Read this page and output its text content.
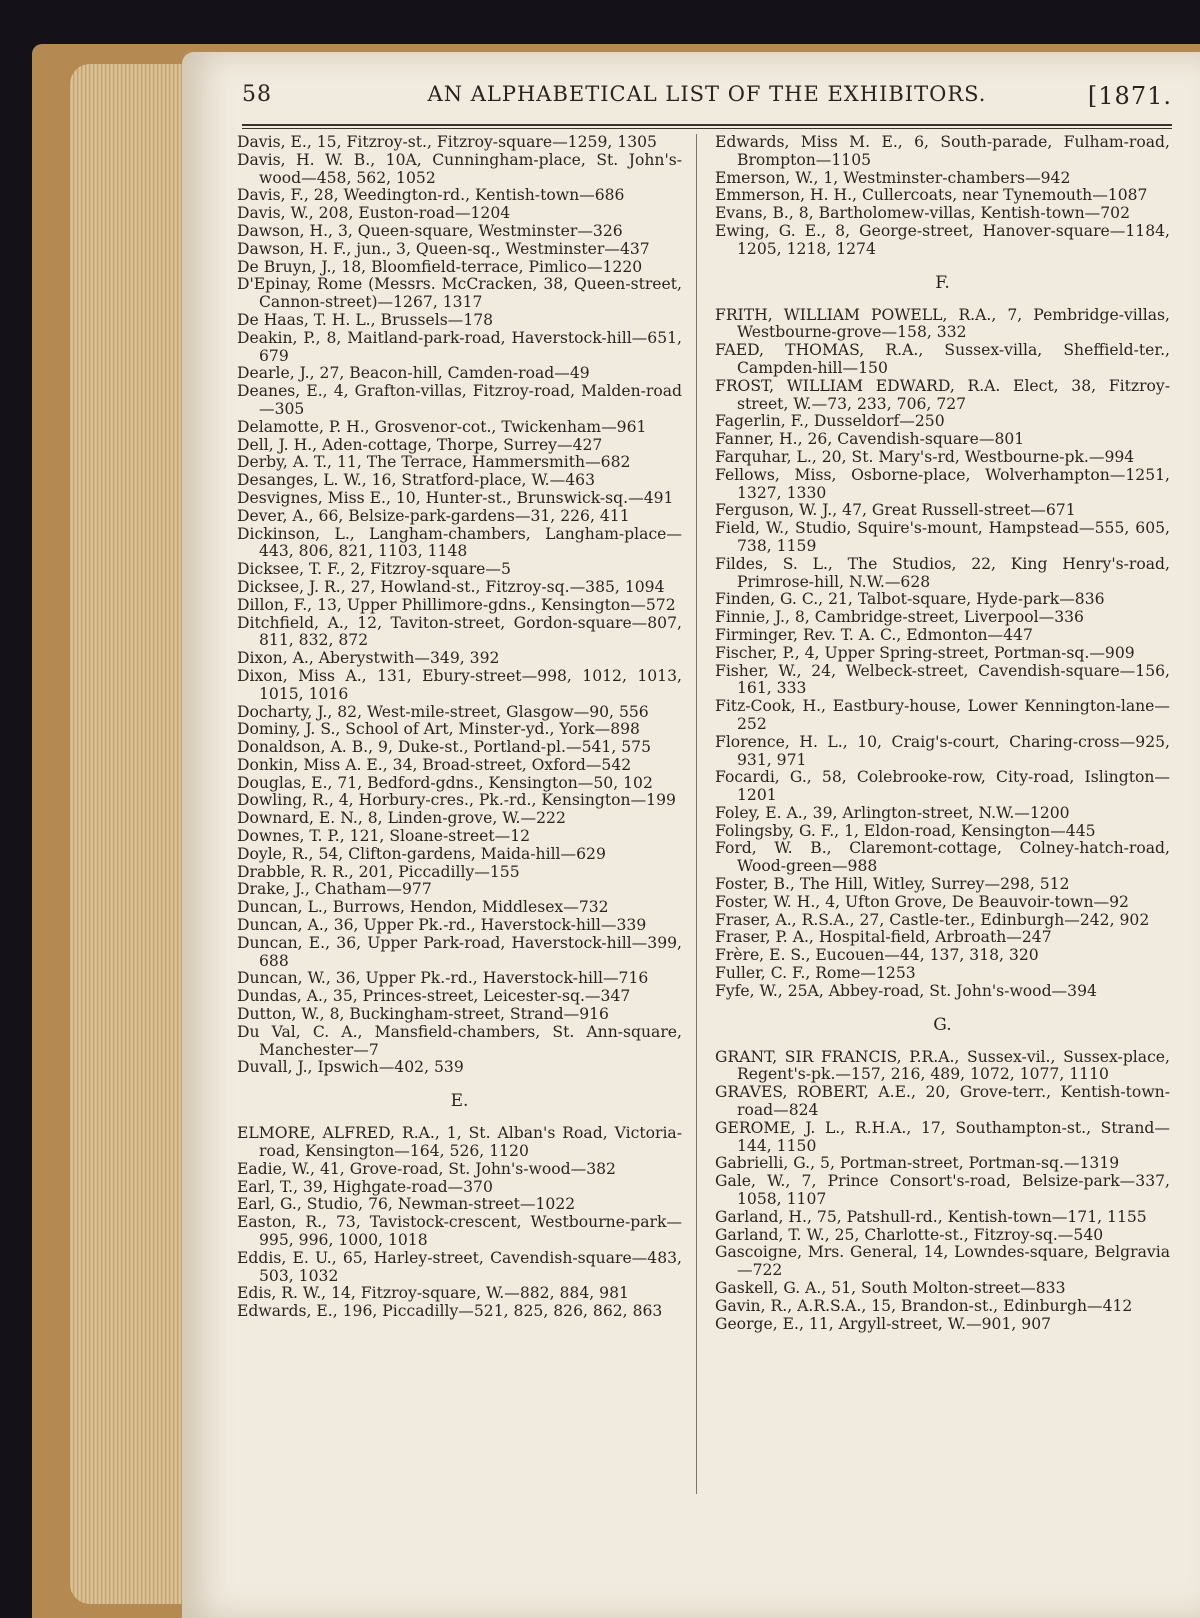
58	AN ALPHABETICAL LIST OF THE EXHIBITORS.	[1871.
Davis, E., 15, Fitzroy-st., Fitzroy-square—1259, 1305
Davis, H. W. B., 10A, Cunningham-place, St. John's-wood—458, 562, 1052
Davis, F., 28, Weedington-rd., Kentish-town—686
Davis, W., 208, Euston-road—1204
Dawson, H., 3, Queen-square, Westminster—326
Dawson, H. F., jun., 3, Queen-sq., Westminster—437
De Bruyn, J., 18, Bloomfield-terrace, Pimlico—1220
D'Epinay, Rome (Messrs. McCracken, 38, Queen-street, Cannon-street)—1267, 1317
De Haas, T. H. L., Brussels—178
Deakin, P., 8, Maitland-park-road, Haverstock-hill—651, 679
Dearle, J., 27, Beacon-hill, Camden-road—49
Deanes, E., 4, Grafton-villas, Fitzroy-road, Malden-road—305
Delamotte, P. H., Grosvenor-cot., Twickenham—961
Dell, J. H., Aden-cottage, Thorpe, Surrey—427
Derby, A. T., 11, The Terrace, Hammersmith—682
Desanges, L. W., 16, Stratford-place, W.—463
Desvignes, Miss E., 10, Hunter-st., Brunswick-sq.—491
Dever, A., 66, Belsize-park-gardens—31, 226, 411
Dickinson, L., Langham-chambers, Langham-place—443, 806, 821, 1103, 1148
Dicksee, T. F., 2, Fitzroy-square—5
Dicksee, J. R., 27, Howland-st., Fitzroy-sq.—385, 1094
Dillon, F., 13, Upper Phillimore-gdns., Kensington—572
Ditchfield, A., 12, Taviton-street, Gordon-square—807, 811, 832, 872
Dixon, A., Aberystwith—349, 392
Dixon, Miss A., 131, Ebury-street—998, 1012, 1013, 1015, 1016
Docharty, J., 82, West-mile-street, Glasgow—90, 556
Dominy, J. S., School of Art, Minster-yd., York—898
Donaldson, A. B., 9, Duke-st., Portland-pl.—541, 575
Donkin, Miss A. E., 34, Broad-street, Oxford—542
Douglas, E., 71, Bedford-gdns., Kensington—50, 102
Dowling, R., 4, Horbury-cres., Pk.-rd., Kensington—199
Downard, E. N., 8, Linden-grove, W.—222
Downes, T. P., 121, Sloane-street—12
Doyle, R., 54, Clifton-gardens, Maida-hill—629
Drabble, R. R., 201, Piccadilly—155
Drake, J., Chatham—977
Duncan, L., Burrows, Hendon, Middlesex—732
Duncan, A., 36, Upper Pk.-rd., Haverstock-hill—339
Duncan, E., 36, Upper Park-road, Haverstock-hill—399, 688
Duncan, W., 36, Upper Pk.-rd., Haverstock-hill—716
Dundas, A., 35, Princes-street, Leicester-sq.—347
Dutton, W., 8, Buckingham-street, Strand—916
Du Val, C. A., Mansfield-chambers, St. Ann-square, Manchester—7
Duvall, J., Ipswich—402, 539
E.
ELMORE, ALFRED, R.A., 1, St. Alban's Road, Victoria-road, Kensington—164, 526, 1120
Eadie, W., 41, Grove-road, St. John's-wood—382
Earl, T., 39, Highgate-road—370
Earl, G., Studio, 76, Newman-street—1022
Easton, R., 73, Tavistock-crescent, Westbourne-park—995, 996, 1000, 1018
Eddis, E. U., 65, Harley-street, Cavendish-square—483, 503, 1032
Edis, R. W., 14, Fitzroy-square, W.—882, 884, 981
Edwards, E., 196, Piccadilly—521, 825, 826, 862, 863
Edwards, Miss M. E., 6, South-parade, Fulham-road, Brompton—1105
Emerson, W., 1, Westminster-chambers—942
Emmerson, H. H., Cullercoats, near Tynemouth—1087
Evans, B., 8, Bartholomew-villas, Kentish-town—702
Ewing, G. E., 8, George-street, Hanover-square—1184, 1205, 1218, 1274
F.
FRITH, WILLIAM POWELL, R.A., 7, Pembridge-villas, Westbourne-grove—158, 332
FAED, THOMAS, R.A., Sussex-villa, Sheffield-ter., Campden-hill—150
FROST, WILLIAM EDWARD, R.A. Elect, 38, Fitzroy-street, W.—73, 233, 706, 727
Fagerlin, F., Dusseldorf—250
Fanner, H., 26, Cavendish-square—801
Farquhar, L., 20, St. Mary's-rd, Westbourne-pk.—994
Fellows, Miss, Osborne-place, Wolverhampton—1251, 1327, 1330
Ferguson, W. J., 47, Great Russell-street—671
Field, W., Studio, Squire's-mount, Hampstead—555, 605, 738, 1159
Fildes, S. L., The Studios, 22, King Henry's-road, Primrose-hill, N.W.—628
Finden, G. C., 21, Talbot-square, Hyde-park—836
Finnie, J., 8, Cambridge-street, Liverpool—336
Firminger, Rev. T. A. C., Edmonton—447
Fischer, P., 4, Upper Spring-street, Portman-sq.—909
Fisher, W., 24, Welbeck-street, Cavendish-square—156, 161, 333
Fitz-Cook, H., Eastbury-house, Lower Kennington-lane—252
Florence, H. L., 10, Craig's-court, Charing-cross—925, 931, 971
Focardi, G., 58, Colebrooke-row, City-road, Islington—1201
Foley, E. A., 39, Arlington-street, N.W.—1200
Folingsby, G. F., 1, Eldon-road, Kensington—445
Ford, W. B., Claremont-cottage, Colney-hatch-road, Wood-green—988
Foster, B., The Hill, Witley, Surrey—298, 512
Foster, W. H., 4, Ufton Grove, De Beauvoir-town—92
Fraser, A., R.S.A., 27, Castle-ter., Edinburgh—242, 902
Fraser, P. A., Hospital-field, Arbroath—247
Frère, E. S., Eucouen—44, 137, 318, 320
Fuller, C. F., Rome—1253
Fyfe, W., 25A, Abbey-road, St. John's-wood—394
G.
GRANT, SIR FRANCIS, P.R.A., Sussex-vil., Sussex-place, Regent's-pk.—157, 216, 489, 1072, 1077, 1110
GRAVES, ROBERT, A.E., 20, Grove-terr., Kentish-town-road—824
GEROME, J. L., R.H.A., 17, Southampton-st., Strand—144, 1150
Gabrielli, G., 5, Portman-street, Portman-sq.—1319
Gale, W., 7, Prince Consort's-road, Belsize-park—337, 1058, 1107
Garland, H., 75, Patshull-rd., Kentish-town—171, 1155
Garland, T. W., 25, Charlotte-st., Fitzroy-sq.—540
Gascoigne, Mrs. General, 14, Lowndes-square, Belgravia—722
Gaskell, G. A., 51, South Molton-street—833
Gavin, R., A.R.S.A., 15, Brandon-st., Edinburgh—412
George, E., 11, Argyll-street, W.—901, 907
